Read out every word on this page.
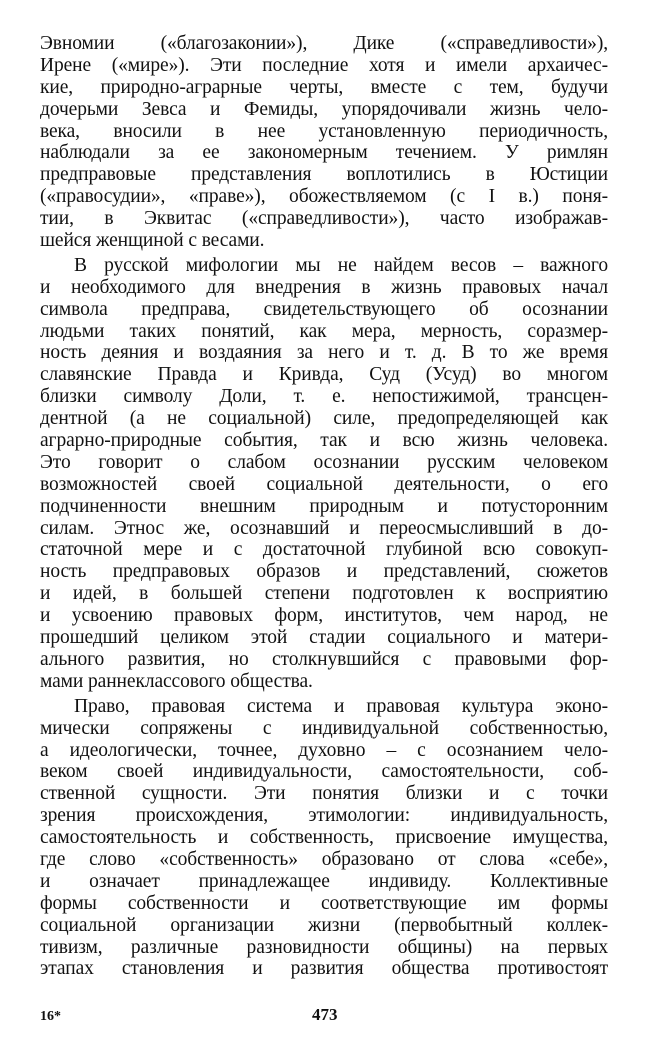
Эвномии («благозаконии»), Дике («справедливости»),
Ирене («мире»). Эти последние хотя и имели архаичес-
кие, природно-аграрные черты, вместе с тем, будучи
дочерьми Зевса и Фемиды, упорядочивали жизнь чело-
века, вносили в нее установленную периодичность,
наблюдали за ее закономерным течением. У римлян
предправовые представления воплотились в Юстиции
(«правосудии», «праве»), обожествляемом (с I в.) поня-
тии, в Эквитас («справедливости»), часто изображав-
шейся женщиной с весами.
В русской мифологии мы не найдем весов – важного
и необходимого для внедрения в жизнь правовых начал
символа предправа, свидетельствующего об осознании
людьми таких понятий, как мера, мерность, соразмер-
ность деяния и воздаяния за него и т. д. В то же время
славянские Правда и Кривда, Суд (Усуд) во многом
близки символу Доли, т. е. непостижимой, трансцен-
дентной (а не социальной) силе, предопределяющей как
аграрно-природные события, так и всю жизнь человека.
Это говорит о слабом осознании русским человеком
возможностей своей социальной деятельности, о его
подчиненности внешним природным и потусторонним
силам. Этнос же, осознавший и переосмысливший в до-
статочной мере и с достаточной глубиной всю совокуп-
ность предправовых образов и представлений, сюжетов
и идей, в большей степени подготовлен к восприятию
и усвоению правовых форм, институтов, чем народ, не
прошедший целиком этой стадии социального и матери-
ального развития, но столкнувшийся с правовыми фор-
мами раннеклассового общества.
Право, правовая система и правовая культура эконо-
мически сопряжены с индивидуальной собственностью,
а идеологически, точнее, духовно – с осознанием чело-
веком своей индивидуальности, самостоятельности, соб-
ственной сущности. Эти понятия близки и с точки
зрения происхождения, этимологии: индивидуальность,
самостоятельность и собственность, присвоение имущества,
где слово «собственность» образовано от слова «себе»,
и означает принадлежащее индивиду. Коллективные
формы собственности и соответствующие им формы
социальной организации жизни (первобытный коллек-
тивизм, различные разновидности общины) на первых
этапах становления и развития общества противостоят
16*	473
